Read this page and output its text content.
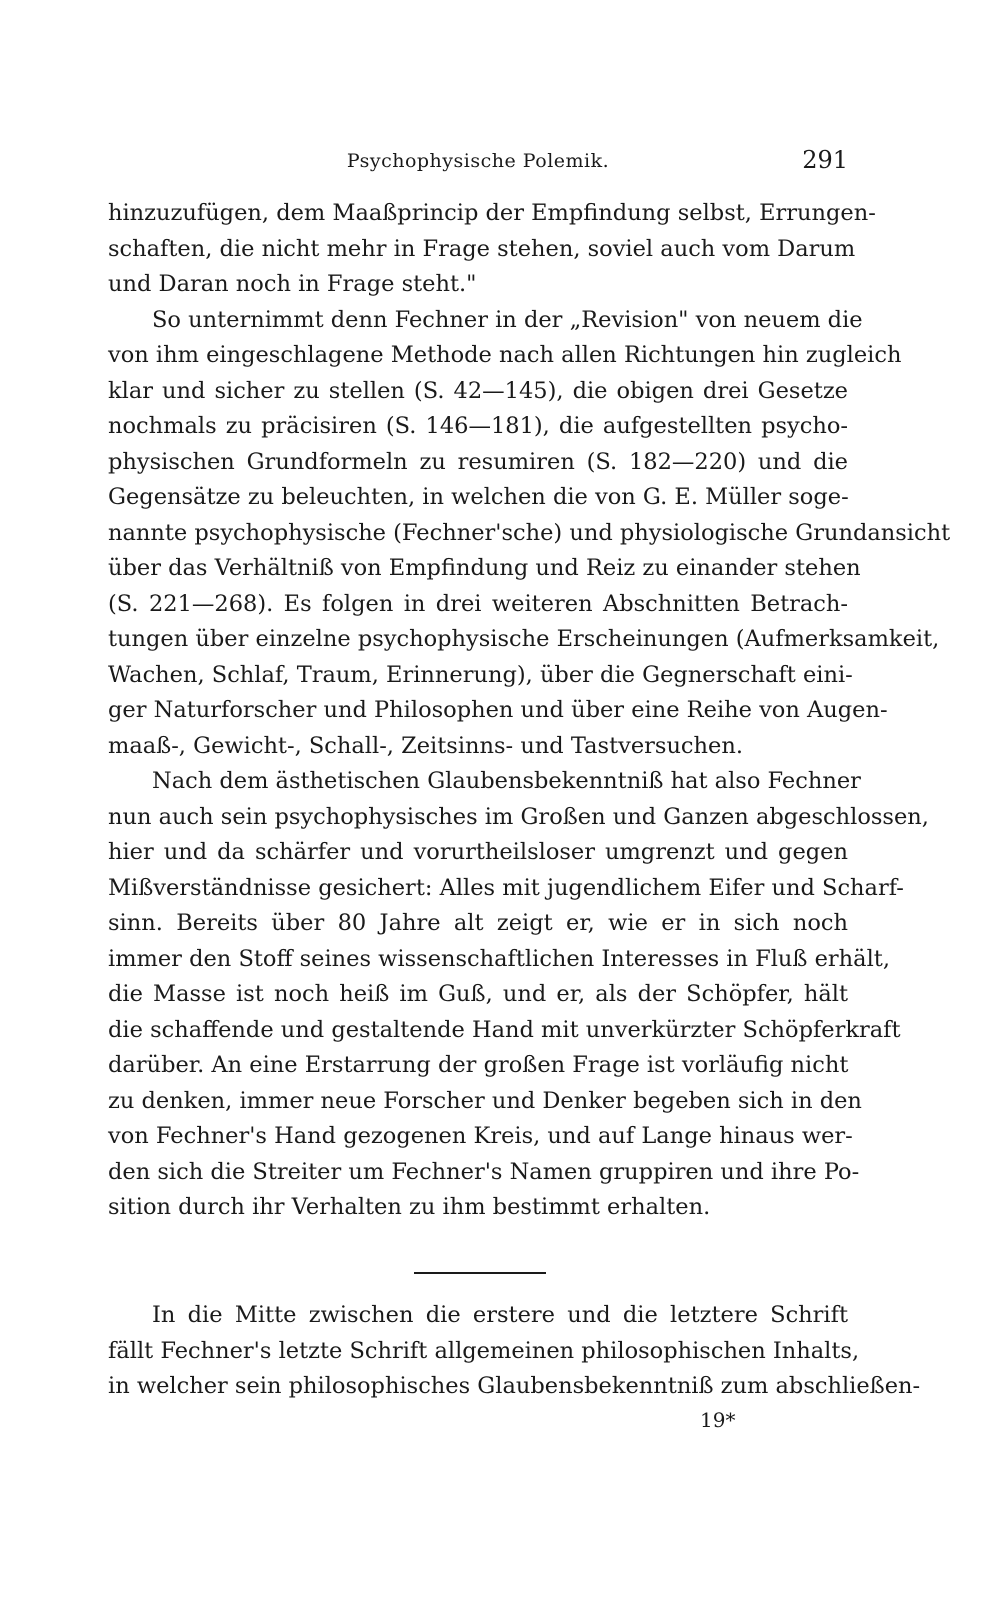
Psychophysische Polemik.	291
hinzuzufügen, dem Maaßprincip der Empfindung selbst, Errungen-
schaften, die nicht mehr in Frage stehen, soviel auch vom Darum
und Daran noch in Frage steht."
So unternimmt denn Fechner in der „Revision" von neuem die
von ihm eingeschlagene Methode nach allen Richtungen hin zugleich
klar und sicher zu stellen (S. 42—145), die obigen drei Gesetze
nochmals zu präcisiren (S. 146—181), die aufgestellten psycho-
physischen Grundformeln zu resumiren (S. 182—220) und die
Gegensätze zu beleuchten, in welchen die von G. E. Müller soge-
nannte psychophysische (Fechner'sche) und physiologische Grundansicht
über das Verhältniß von Empfindung und Reiz zu einander stehen
(S. 221—268). Es folgen in drei weiteren Abschnitten Betrach-
tungen über einzelne psychophysische Erscheinungen (Aufmerksamkeit,
Wachen, Schlaf, Traum, Erinnerung), über die Gegnerschaft eini-
ger Naturforscher und Philosophen und über eine Reihe von Augen-
maaß-, Gewicht-, Schall-, Zeitsinns- und Tastversuchen.
Nach dem ästhetischen Glaubensbekenntniß hat also Fechner
nun auch sein psychophysisches im Großen und Ganzen abgeschlossen,
hier und da schärfer und vorurtheilsloser umgrenzt und gegen
Mißverständnisse gesichert: Alles mit jugendlichem Eifer und Scharf-
sinn. Bereits über 80 Jahre alt zeigt er, wie er in sich noch
immer den Stoff seines wissenschaftlichen Interesses in Fluß erhält,
die Masse ist noch heiß im Guß, und er, als der Schöpfer, hält
die schaffende und gestaltende Hand mit unverkürzter Schöpferkraft
darüber. An eine Erstarrung der großen Frage ist vorläufig nicht
zu denken, immer neue Forscher und Denker begeben sich in den
von Fechner's Hand gezogenen Kreis, und auf Lange hinaus wer-
den sich die Streiter um Fechner's Namen gruppiren und ihre Po-
sition durch ihr Verhalten zu ihm bestimmt erhalten.
In die Mitte zwischen die erstere und die letztere Schrift
fällt Fechner's letzte Schrift allgemeinen philosophischen Inhalts,
in welcher sein philosophisches Glaubensbekenntniß zum abschließen-
19*
